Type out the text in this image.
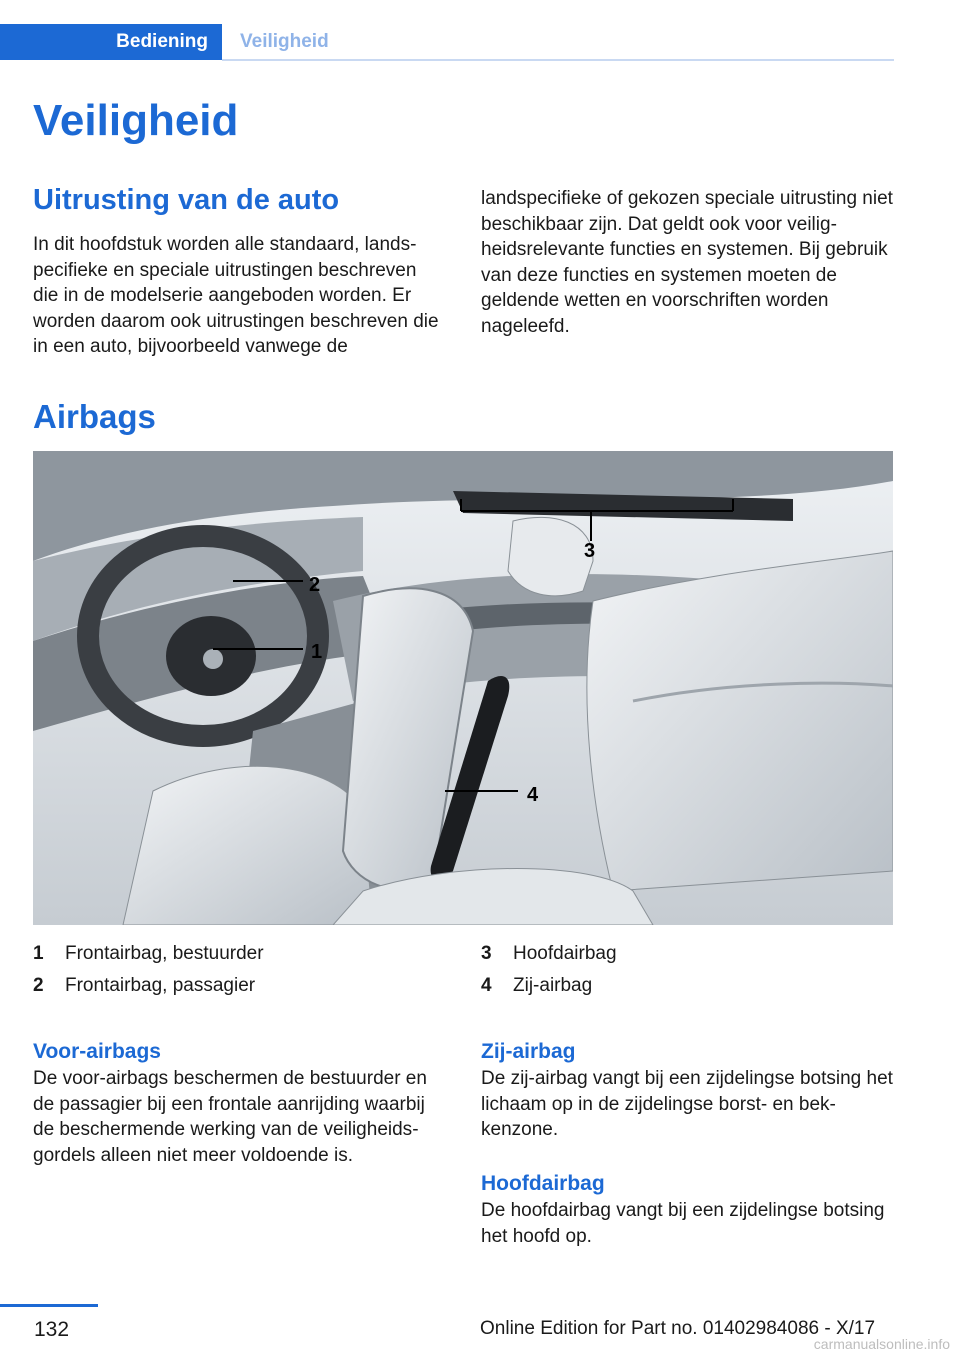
Bediening	Veiligheid
Veiligheid
Uitrusting van de auto

In dit hoofdstuk worden alle standaard, landspecifieke en speciale uitrustingen beschreven die in de modelserie aangeboden worden. Er worden daarom ook uitrustingen beschreven die in een auto, bijvoorbeeld vanwege de

landspecifieke of gekozen speciale uitrusting niet beschikbaar zijn. Dat geldt ook voor veiligheidsrelevante functies en systemen. Bij gebruik van deze functies en systemen moeten de geldende wetten en voorschriften worden nageleefd.

Airbags
1
2
3
4
1	Frontairbag, bestuurder
2	Frontairbag, passagier
3	Hoofdairbag
4	Zij-airbag
Voor-airbags

De voor-airbags beschermen de bestuurder en de passagier bij een frontale aanrijding waarbij de beschermende werking van de veiligheidsgordels alleen niet meer voldoende is.

Zij-airbag

De zij-airbag vangt bij een zijdelingse botsing het lichaam op in de zijdelingse borst- en bekkenzone.

Hoofdairbag

De hoofdairbag vangt bij een zijdelingse botsing het hoofd op.

132	Online Edition for Part no. 01402984086 - X/17
carmanualsonline.info
